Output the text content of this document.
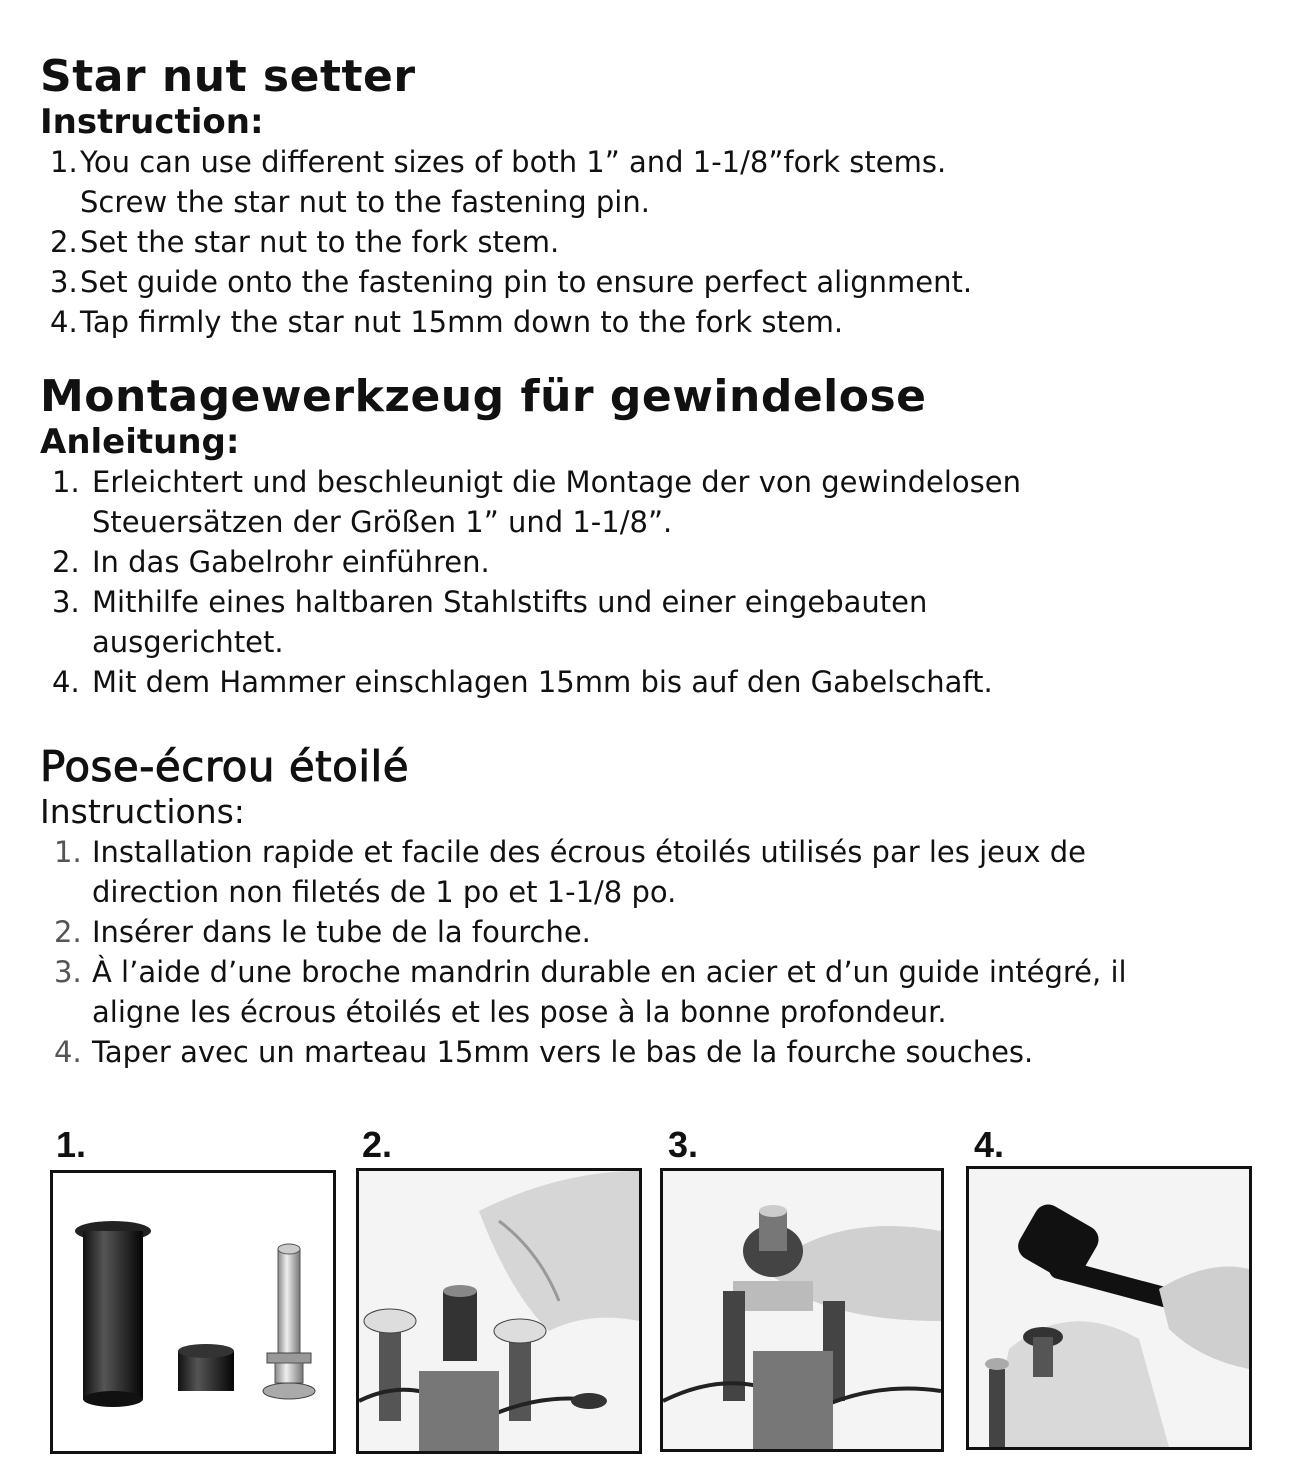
Star nut setter
Instruction:
1. You can use different sizes of both 1” and 1-1/8”fork stems.
Screw the star nut to the fastening pin.
2. Set the star nut to the fork stem.
3. Set guide onto the fastening pin to ensure perfect alignment.
4. Tap firmly the star nut 15mm down to the fork stem.
Montagewerkzeug für gewindelose
Anleitung:
1. Erleichtert und beschleunigt die Montage der von gewindelosen
Steuersätzen der Größen 1” und 1-1/8”.
2. In das Gabelrohr einführen.
3. Mithilfe eines haltbaren Stahlstifts und einer eingebauten
ausgerichtet.
4. Mit dem Hammer einschlagen 15mm bis auf den Gabelschaft.
Pose-écrou étoilé
Instructions:
1. Installation rapide et facile des écrous étoilés utilisés par les jeux de
direction non filetés de 1 po et 1-1/8 po.
2. Insérer dans le tube de la fourche.
3. À l’aide d’une broche mandrin durable en acier et d’un guide intégré, il
aligne les écrous étoilés et les pose à la bonne profondeur.
4. Taper avec un marteau 15mm vers le bas de la fourche souches.
1.	2.	3.	4.
